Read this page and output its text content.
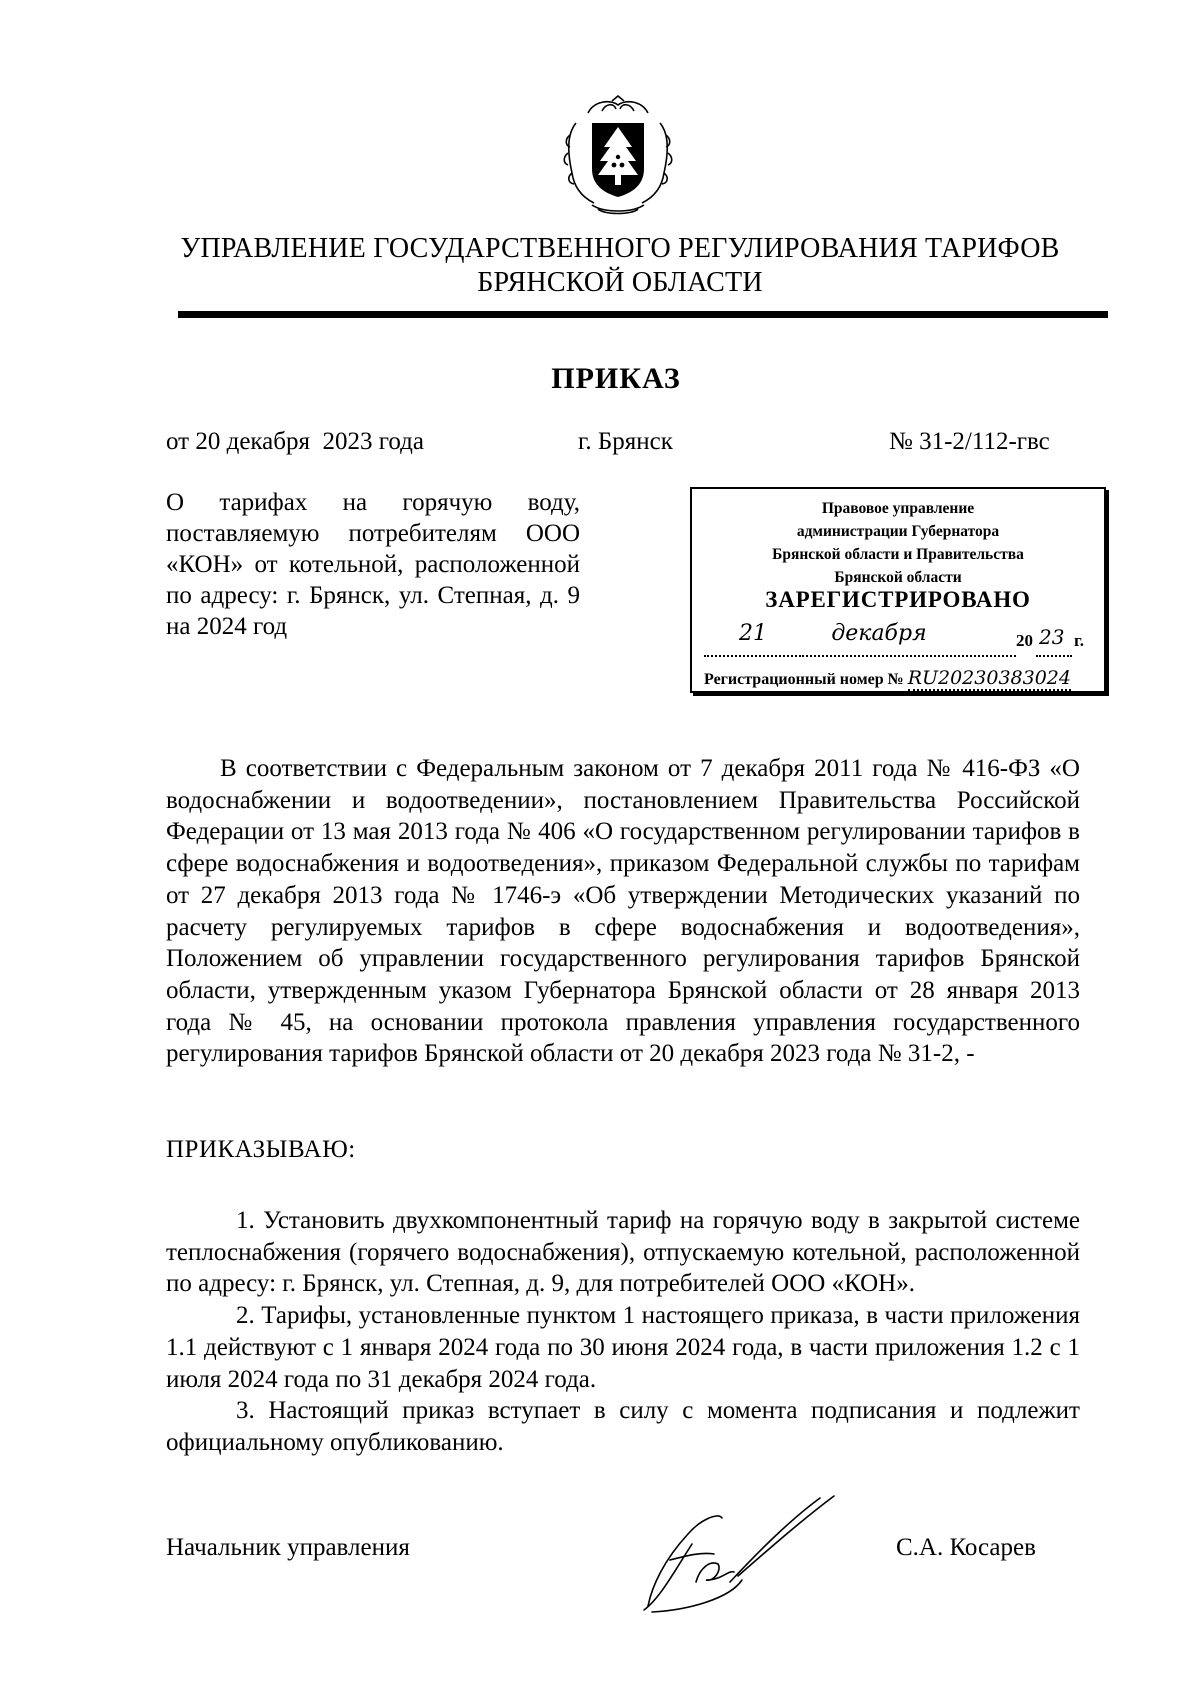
УПРАВЛЕНИЕ ГОСУДАРСТВЕННОГО РЕГУЛИРОВАНИЯ ТАРИФОВ
БРЯНСКОЙ ОБЛАСТИ
ПРИКАЗ
от 20 декабря  2023 года	г. Брянск	№ 31-2/112-гвс
О тарифах на горячую воду, поставляемую потребителям ООО «КОН» от котельной, расположенной по адресу: г. Брянск, ул. Степная, д. 9 на 2024 год
Правовое управление
администрации Губернатора
Брянской области и Правительства
Брянской области
ЗАРЕГИСТРИРОВАНО
21	декабря	20 23 г.
Регистрационный номер № RU20230383024

В соответствии с Федеральным законом от 7 декабря 2011 года № 416-ФЗ «О водоснабжении и водоотведении», постановлением Правительства Российской Федерации от 13 мая 2013 года № 406 «О государственном регулировании тарифов в сфере водоснабжения и водоотведения», приказом Федеральной службы по тарифам от 27 декабря 2013 года № 1746-э «Об утверждении Методических указаний по расчету регулируемых тарифов в сфере водоснабжения и водоотведения», Положением об управлении государственного регулирования тарифов Брянской области, утвержденным указом Губернатора Брянской области от 28 января 2013 года № 45, на основании протокола правления управления государственного регулирования тарифов Брянской области от 20 декабря 2023 года № 31-2, -

ПРИКАЗЫВАЮ:

1. Установить двухкомпонентный тариф на горячую воду в закрытой системе теплоснабжения (горячего водоснабжения), отпускаемую котельной, расположенной по адресу: г. Брянск, ул. Степная, д. 9, для потребителей ООО «КОН».

2. Тарифы, установленные пунктом 1 настоящего приказа, в части приложения 1.1 действуют с 1 января 2024 года по 30 июня 2024 года, в части приложения 1.2 с 1 июля 2024 года по 31 декабря 2024 года.

3. Настоящий приказ вступает в силу с момента подписания и подлежит официальному опубликованию.

Начальник управления	С.А. Косарев
